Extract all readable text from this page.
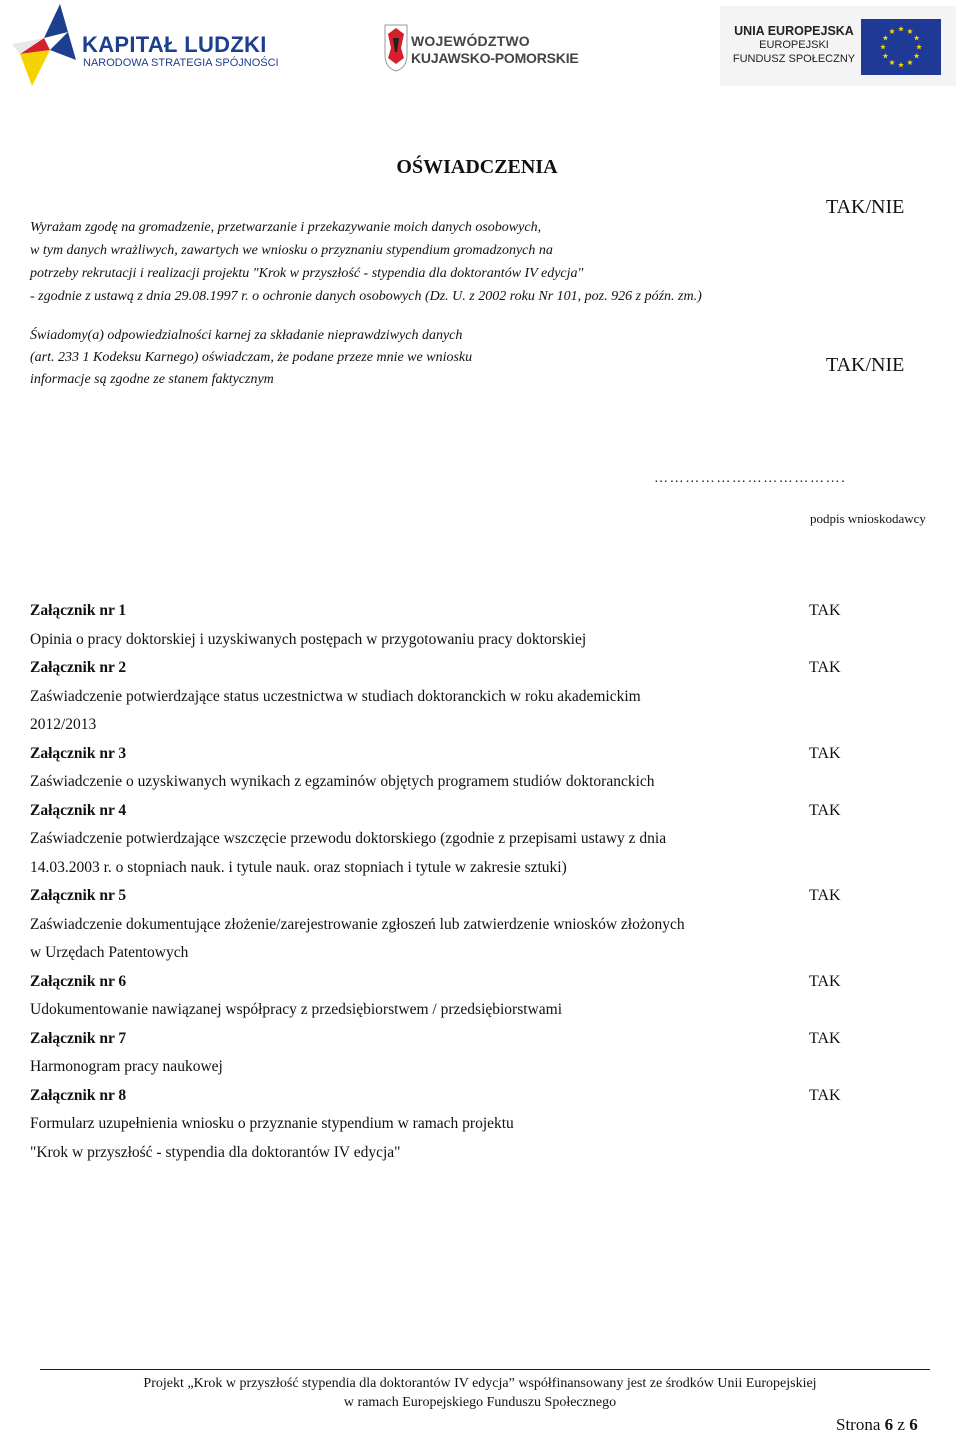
KAPITAŁ LUDZKI
NARODOWA STRATEGIA SPÓJNOŚCI
WOJEWÓDZTWO
KUJAWSKO-POMORSKIE
UNIA EUROPEJSKA
EUROPEJSKI
FUNDUSZ SPOŁECZNY
OŚWIADCZENIA
Wyrażam zgodę na gromadzenie, przetwarzanie i przekazywanie moich danych osobowych,
w tym danych wrażliwych, zawartych we wniosku o przyznaniu stypendium gromadzonych na
potrzeby rekrutacji i realizacji projektu "Krok w przyszłość - stypendia dla doktorantów IV edycja"
- zgodnie z ustawą z dnia 29.08.1997 r. o ochronie danych osobowych (Dz. U. z 2002 roku Nr 101, poz. 926 z późn. zm.)
TAK/NIE
Świadomy(a) odpowiedzialności karnej za składanie nieprawdziwych danych
(art. 233 1 Kodeksu Karnego) oświadczam, że podane przeze mnie we wniosku
informacje są zgodne ze stanem faktycznym
TAK/NIE
……………………………….
podpis wnioskodawcy
Załącznik nr 1	TAK
Opinia o pracy doktorskiej i uzyskiwanych postępach w przygotowaniu pracy doktorskiej
Załącznik nr 2	TAK
Zaświadczenie potwierdzające status uczestnictwa w studiach doktoranckich w roku akademickim
2012/2013
Załącznik nr 3	TAK
Zaświadczenie o uzyskiwanych wynikach z egzaminów objętych programem studiów doktoranckich
Załącznik nr 4	TAK
Zaświadczenie potwierdzające wszczęcie przewodu doktorskiego (zgodnie z przepisami ustawy z dnia
14.03.2003 r. o stopniach nauk. i tytule nauk. oraz stopniach i tytule w zakresie sztuki)
Załącznik nr 5	TAK
Zaświadczenie dokumentujące złożenie/zarejestrowanie zgłoszeń lub zatwierdzenie wniosków złożonych
w Urzędach Patentowych
Załącznik nr 6	TAK
Udokumentowanie nawiązanej współpracy z przedsiębiorstwem / przedsiębiorstwami
Załącznik nr 7	TAK
Harmonogram pracy naukowej
Załącznik nr 8	TAK
Formularz uzupełnienia wniosku o przyznanie stypendium w ramach projektu
"Krok w przyszłość - stypendia dla doktorantów IV edycja"
Projekt „Krok w przyszłość stypendia dla doktorantów IV edycja” współfinansowany jest ze środków Unii Europejskiej
w ramach Europejskiego Funduszu Społecznego
Strona 6 z 6
